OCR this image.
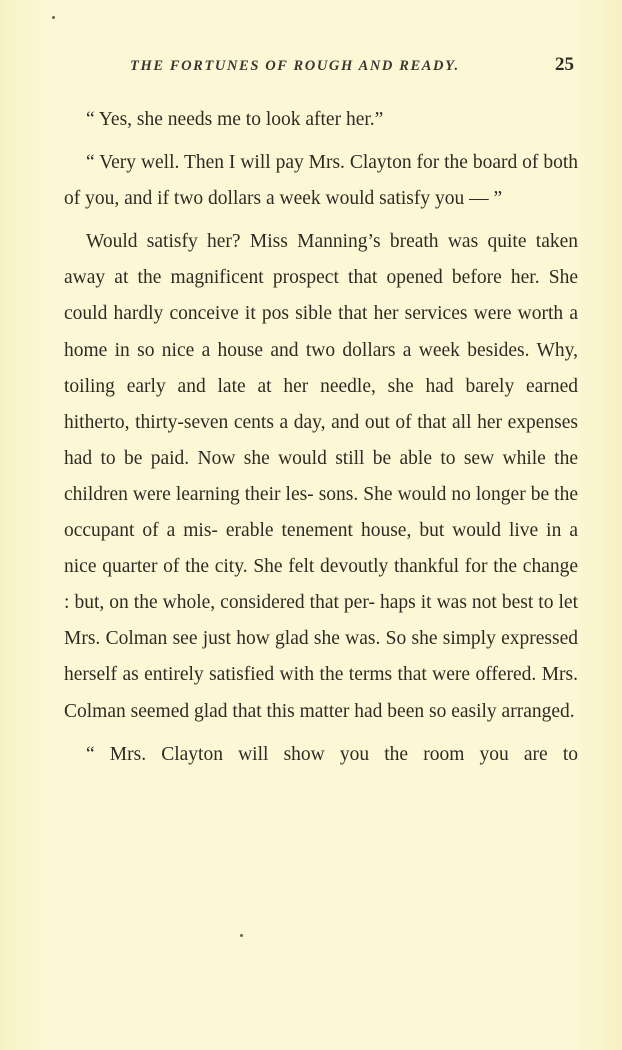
THE FORTUNES OF ROUGH AND READY.	25

“ Yes, she needs me to look after her.”

“ Very well. Then I will pay Mrs. Clayton for the board of both of you, and if two dollars a week would satisfy you — ”

Would satisfy her? Miss Manning’s breath was quite taken away at the magnificent prospect that opened before her. She could hardly conceive it pos sible that her services were worth a home in so nice a house and two dollars a week besides. Why, toiling early and late at her needle, she had barely earned hitherto, thirty-seven cents a day, and out of that all her expenses had to be paid. Now she would still be able to sew while the children were learning their les- sons. She would no longer be the occupant of a mis- erable tenement house, but would live in a nice quarter of the city. She felt devoutly thankful for the change : but, on the whole, considered that per- haps it was not best to let Mrs. Colman see just how glad she was. So she simply expressed herself as entirely satisfied with the terms that were offered. Mrs. Colman seemed glad that this matter had been so easily arranged.

“ Mrs. Clayton will show you the room you are to
